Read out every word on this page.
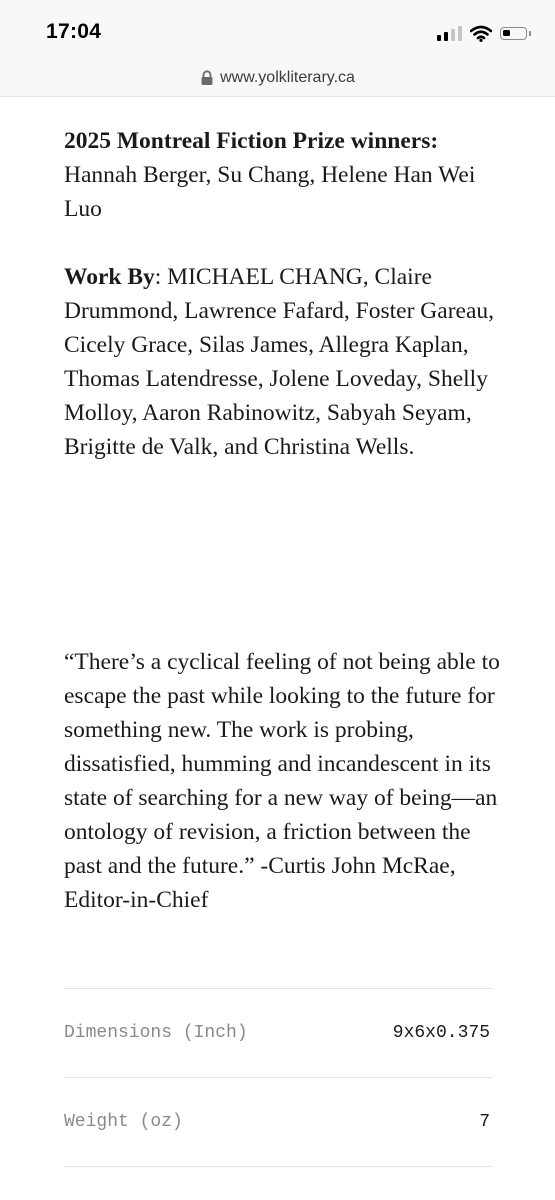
17:04
www.yolkliterary.ca

2025 Montreal Fiction Prize winners: Hannah Berger, Su Chang, Helene Han Wei Luo

Work By: MICHAEL CHANG, Claire Drummond, Lawrence Fafard, Foster Gareau, Cicely Grace, Silas James, Allegra Kaplan, Thomas Latendresse, Jolene Loveday, Shelly Molloy, Aaron Rabinowitz, Sabyah Seyam, Brigitte de Valk, and Christina Wells.

“There’s a cyclical feeling of not being able to escape the past while looking to the future for something new. The work is probing, dissatisfied, humming and incandescent in its state of searching for a new way of being—an ontology of revision, a friction between the past and the future.” -Curtis John McRae, Editor-in-Chief

Dimensions (Inch)	9x6x0.375
Weight (oz)	7
